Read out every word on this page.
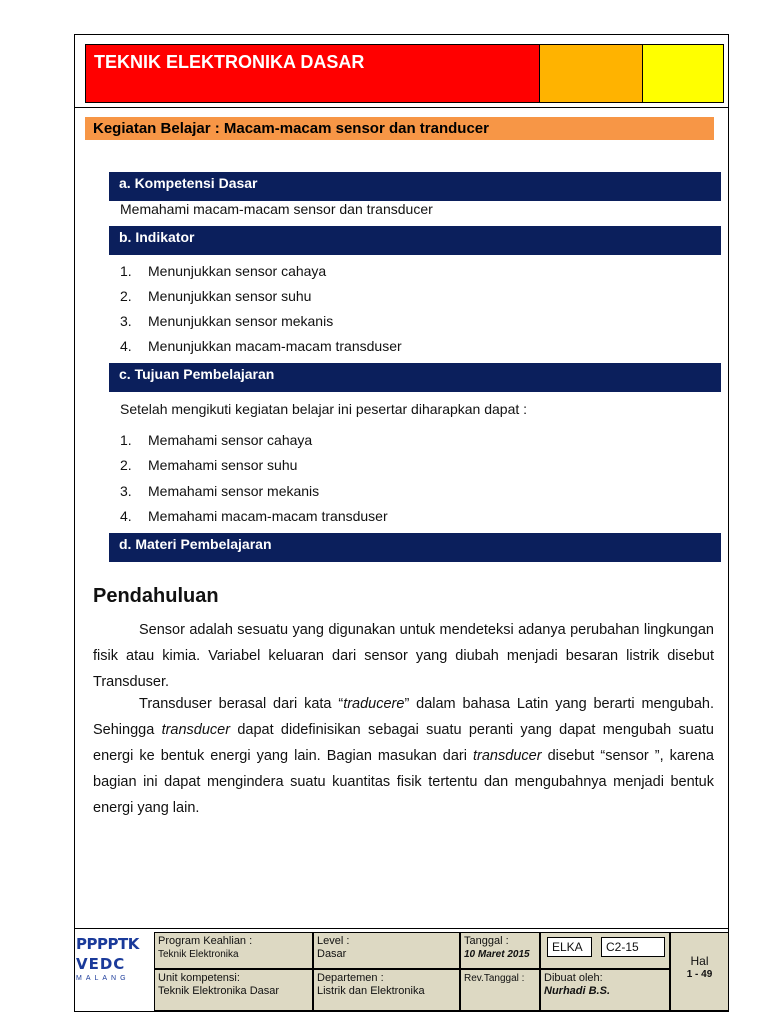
TEKNIK ELEKTRONIKA DASAR
Kegiatan Belajar : Macam-macam sensor dan tranducer
a. Kompetensi Dasar
Memahami macam-macam sensor dan transducer
b. Indikator
1. Menunjukkan sensor cahaya
2. Menunjukkan sensor suhu
3. Menunjukkan sensor mekanis
4. Menunjukkan macam-macam transduser
c. Tujuan Pembelajaran
Setelah mengikuti kegiatan belajar ini pesertar diharapkan dapat :
1. Memahami sensor cahaya
2. Memahami sensor suhu
3. Memahami sensor mekanis
4. Memahami macam-macam transduser
d. Materi Pembelajaran
Pendahuluan
Sensor adalah sesuatu yang digunakan untuk mendeteksi adanya perubahan lingkungan fisik atau kimia. Variabel keluaran dari sensor yang diubah menjadi besaran listrik disebut Transduser.
Transduser berasal dari kata “traducere” dalam bahasa Latin yang berarti mengubah. Sehingga transducer dapat didefinisikan sebagai suatu peranti yang dapat mengubah suatu energi ke bentuk energi yang lain. Bagian masukan dari transducer disebut “sensor ”, karena bagian ini dapat mengindera suatu kuantitas fisik tertentu dan mengubahnya menjadi bentuk energi yang lain.
PPPPTK
VEDC
MALANG
Program Keahlian :
Teknik Elektronika
Level :
Dasar
Tanggal :
10 Maret 2015
ELKA	C2-15
Hal
1 - 49
Unit kompetensi:
Teknik Elektronika Dasar
Departemen :
Listrik dan Elektronika
Rev.Tanggal :	Dibuat oleh:
Nurhadi B.S.
